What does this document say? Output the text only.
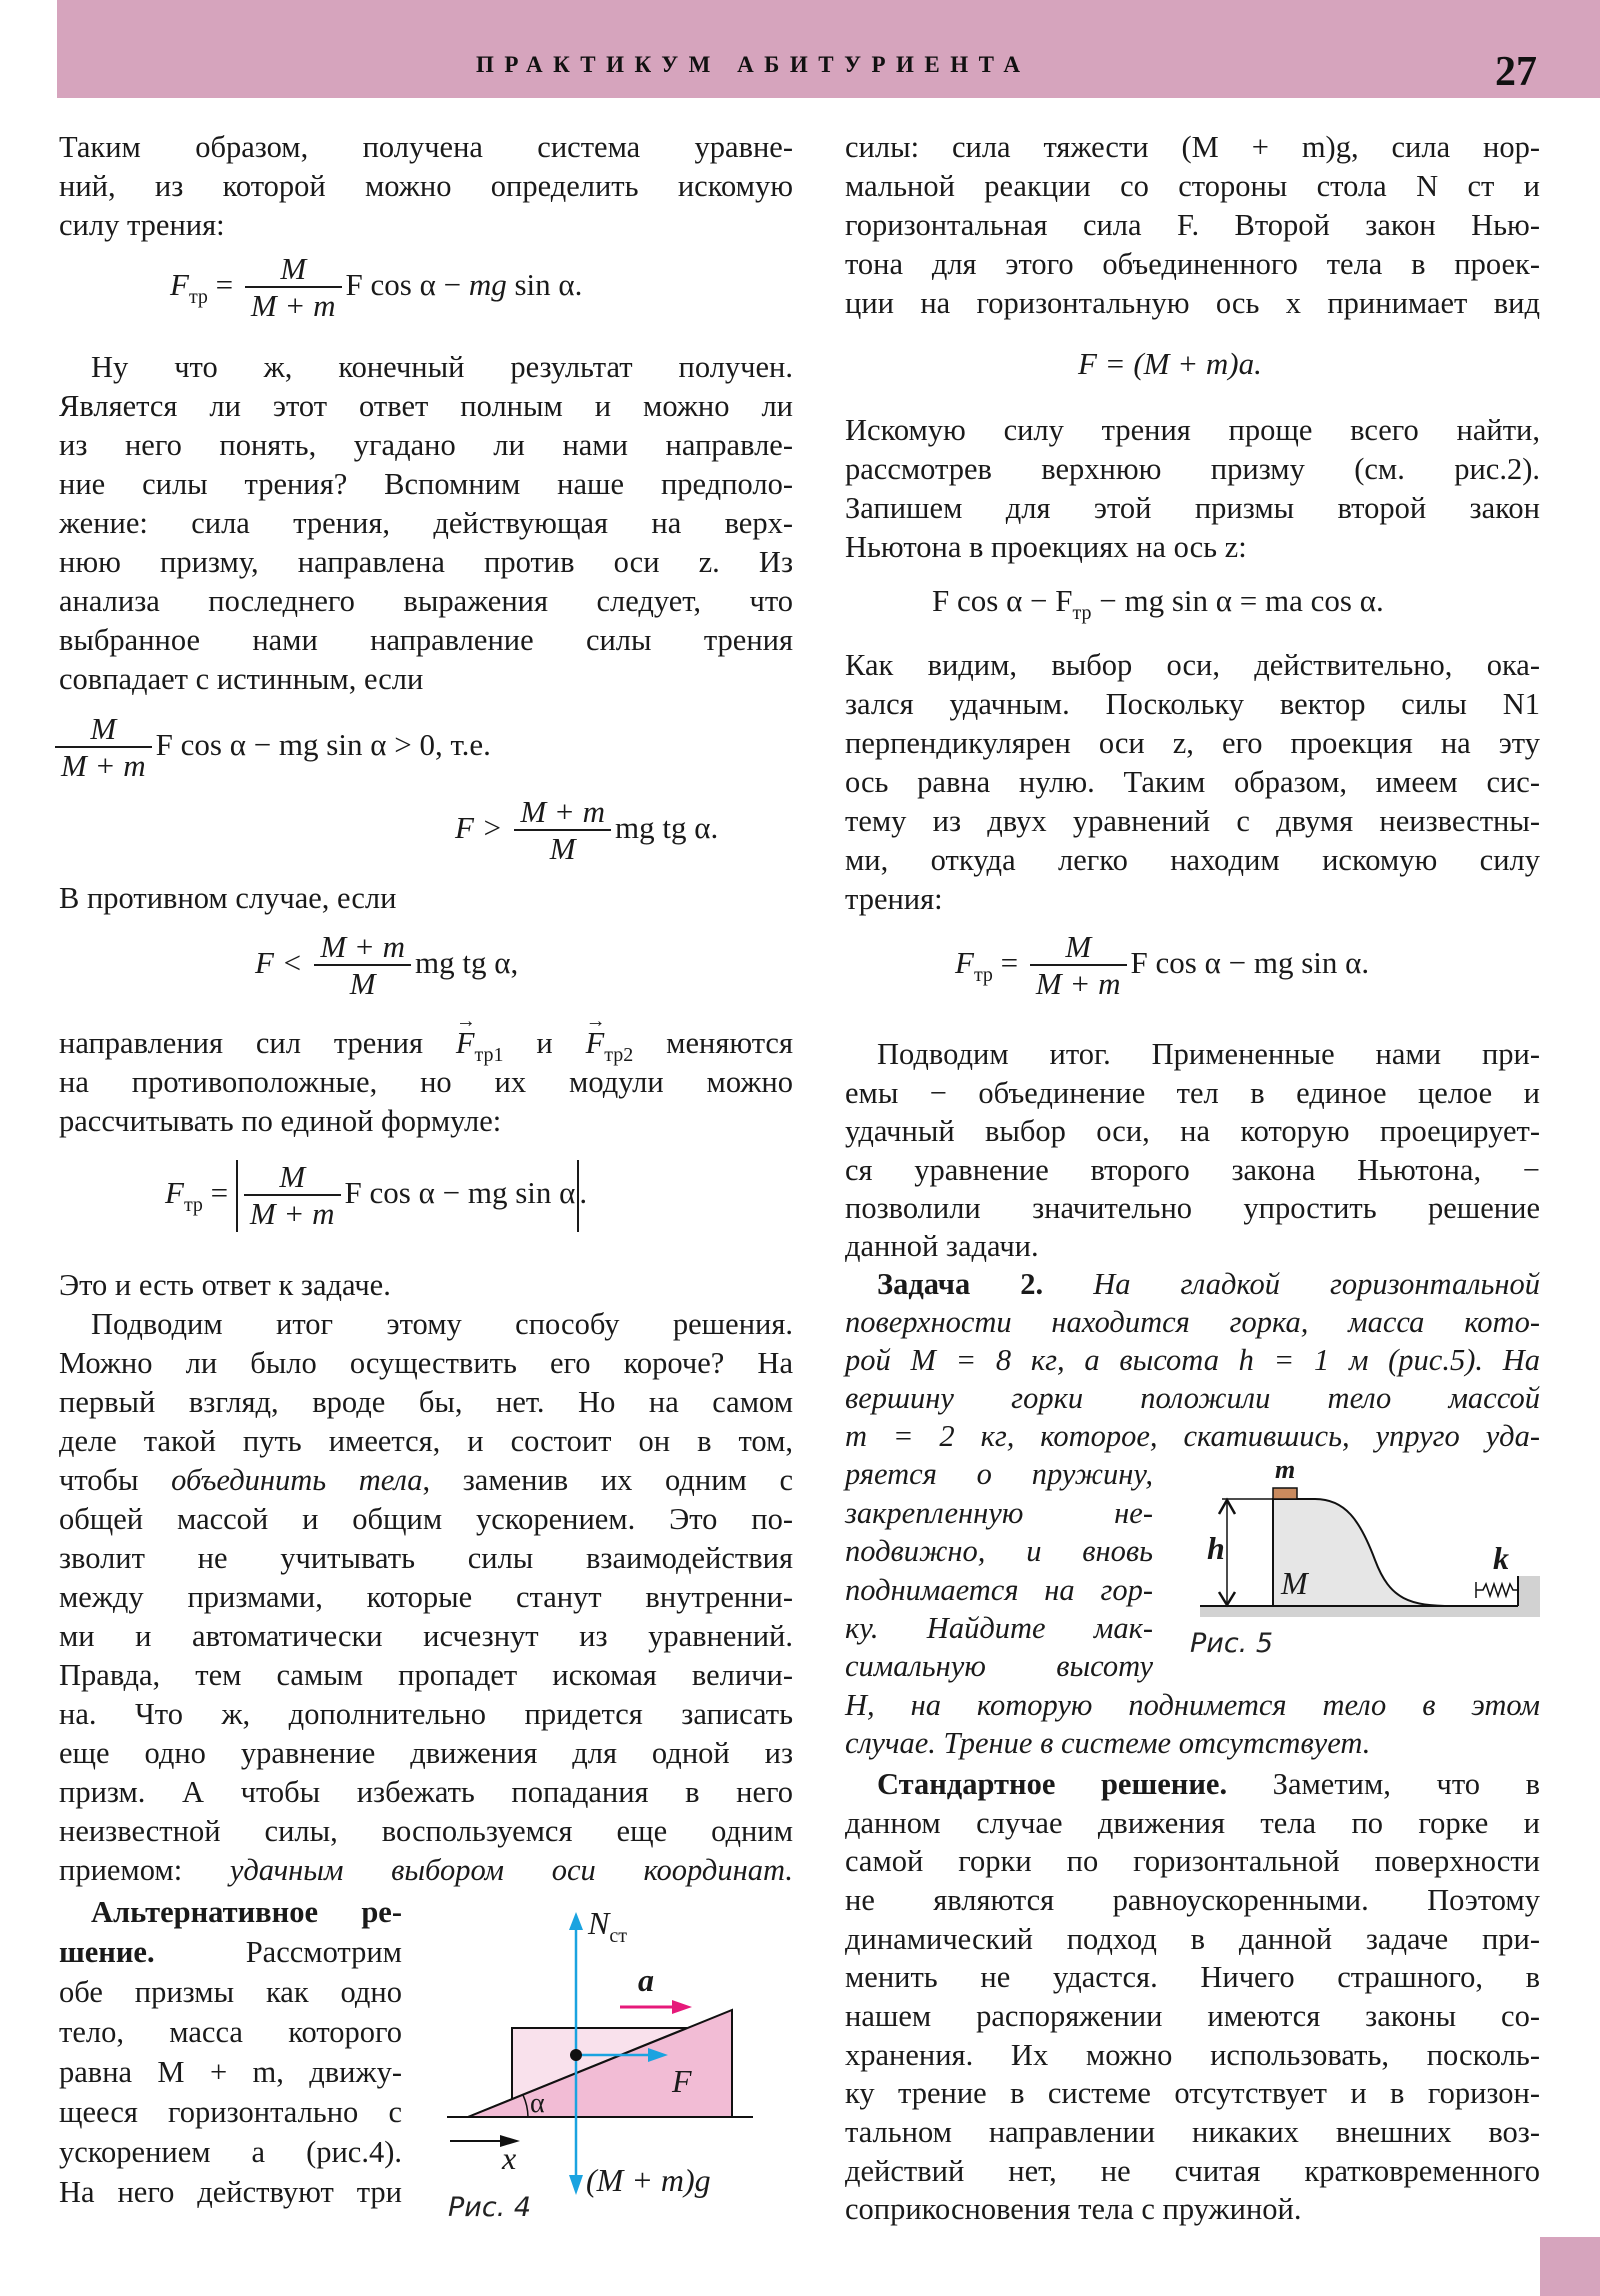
ПРАКТИКУМ АБИТУРИЕНТА	27
Таким образом, получена система уравне-
ний, из которой можно определить искомую
силу трения:
$F_{тр} = \frac{M}{M + m}$ F cos α − mg sin α.
Ну что ж, конечный результат получен.
Является ли этот ответ полным и можно ли
из него понять, угадано ли нами направле-
ние силы трения? Вспомним наше предполо-
жение: сила трения, действующая на верх-
нюю призму, направлена против оси z. Из
анализа последнего выражения следует, что
выбранное нами направление силы трения
совпадает с истинным, если
$\frac{M}{M + m}$ F cos α − mg sin α > 0, т.е.
$F > \frac{M + m}{M}$ mg tg α.
В противном случае, если
$F < \frac{M + m}{M}$ mg tg α,
направления сил трения → $F_{тр1}$ $и \to F_{тр2}$ меняются
на противоположные, но их модули можно
рассчитывать по единой формуле:
$F_{тр} = \frac{M}{M + m}$ F cos α − mg sin α .
Это и есть ответ к задаче.
Подводим итог этому способу решения.
Можно ли было осуществить его короче? На
первый взгляд, вроде бы, нет. Но на самом
деле такой путь имеется, и состоит он в том,
чтобы объединить тела, заменив их одним с
общей массой и общим ускорением. Это по-
зволит не учитывать силы взаимодействия
между призмами, которые станут внутренни-
ми и автоматически исчезнут из уравнений.
Правда, тем самым пропадет искомая величи-
на. Что ж, дополнительно придется записать
еще одно уравнение движения для одной из
призм. А чтобы избежать попадания в него
неизвестной силы, воспользуемся еще одним
приемом: удачным выбором оси координат.
Альтернативное ре-
шение.	Рассмотрим
обе призмы как одно
тело, масса которого
равна M + m, движу-
щееся горизонтально с
ускорением a (рис.4).
На него действуют три
$N_{ст}$
a
F
α
x
(M + m)g
Рис. 4
силы: сила тяжести (M + m)g, сила нор-
мальной реакции со стороны стола N ст и
горизонтальная сила F. Второй закон Нью-
тона для этого объединенного тела в проек-
ции на горизонтальную ось x принимает вид
F = (M + m)a.
Искомую силу трения проще всего найти,
рассмотрев верхнюю призму (см. рис.2).
Запишем для этой призмы второй закон
Ньютона в проекциях на ось z:
F $\cos \alpha - F_{тр}$ − mg sin α = ma cos α.
Как видим, выбор оси, действительно, ока-
зался удачным. Поскольку вектор силы N1
перпендикулярен оси z, его проекция на эту
ось равна нулю. Таким образом, имеем сис-
тему из двух уравнений с двумя неизвестны-
ми, откуда легко находим искомую силу
трения:
$F_{тр} = \frac{M}{M + m}$ F cos α − mg sin α.
Подводим итог. Примененные нами при-
емы − объединение тел в единое целое и
удачный выбор оси, на которую проецирует-
ся уравнение второго закона Ньютона, −
позволили значительно упростить решение
данной задачи.
Задача 2. На гладкой горизонтальной
поверхности находится горка, масса кото-
рой M = 8 кг, а высота h = 1 м (рис.5). На
вершину горки положили тело массой
m = 2 кг, которое, скатившись, упруго уда-
ряется о пружину,
закрепленную не-
подвижно, и вновь
поднимается на гор-
ку. Найдите мак-
симальную высоту
H, на которую поднимется тело в этом
случае. Трение в системе отсутствует.
m
h
M
k
Рис. 5
Стандартное решение. Заметим, что в
данном случае движения тела по горке и
самой горки по горизонтальной поверхности
не являются равноускоренными. Поэтому
динамический подход в данной задаче при-
менить не удастся. Ничего страшного, в
нашем распоряжении имеются законы со-
хранения. Их можно использовать, посколь-
ку трение в системе отсутствует и в горизон-
тальном направлении никаких внешних воз-
действий нет, не считая кратковременного
соприкосновения тела с пружиной.
